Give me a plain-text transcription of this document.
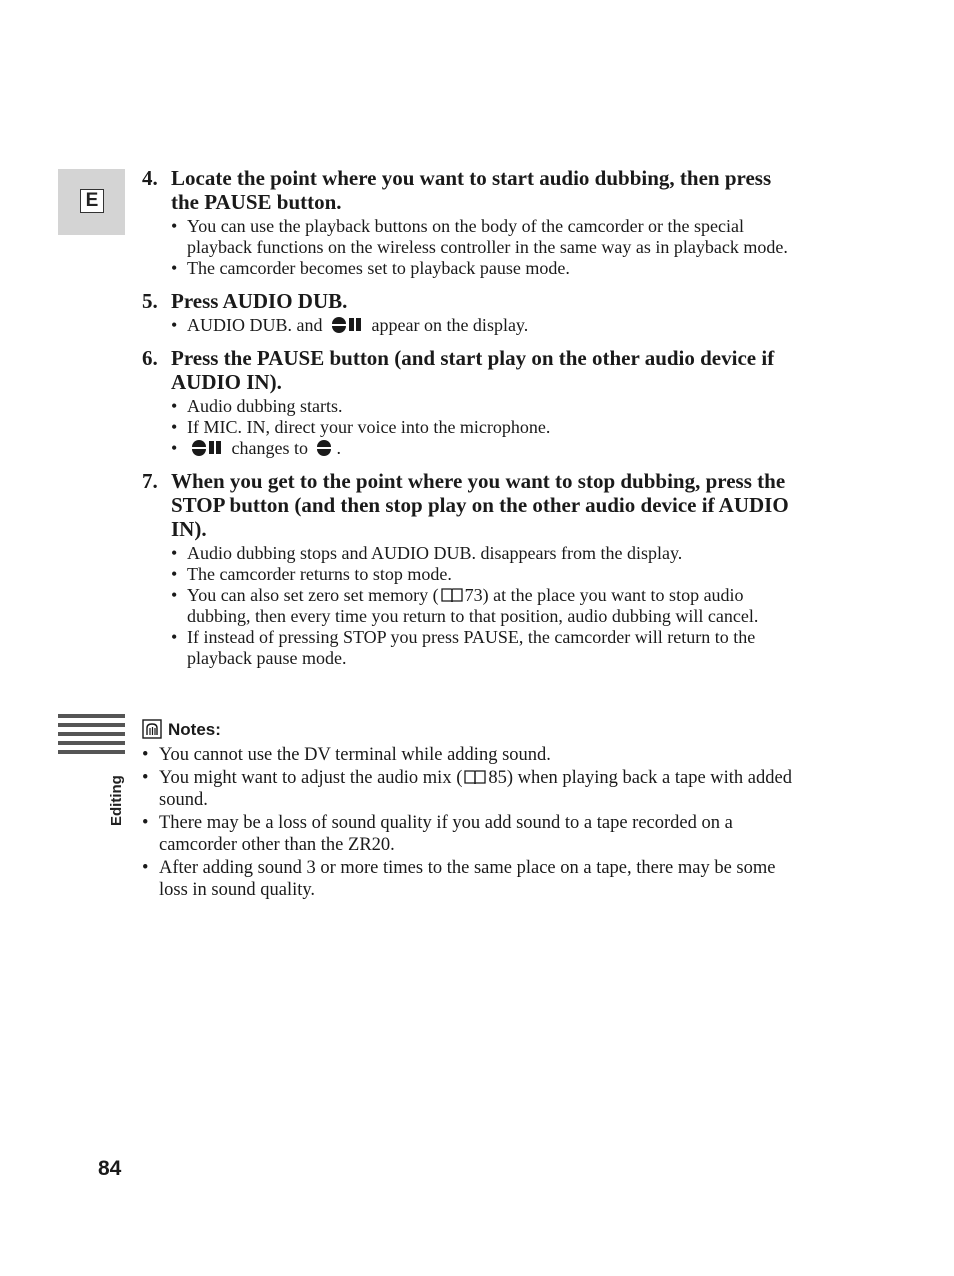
E
4. Locate the point where you want to start audio dubbing, then press the PAUSE button.
• You can use the playback buttons on the body of the camcorder or the special playback functions on the wireless controller in the same way as in playback mode.
• The camcorder becomes set to playback pause mode.
5. Press AUDIO DUB.
• AUDIO DUB. and	appear on the display.
6. Press the PAUSE button (and start play on the other audio device if AUDIO IN).
• Audio dubbing starts.
• If MIC. IN, direct your voice into the microphone.
• changes to .
7. When you get to the point where you want to stop dubbing, press the STOP button (and then stop play on the other audio device if AUDIO IN).
• Audio dubbing stops and AUDIO DUB. disappears from the display.
• The camcorder returns to stop mode.
• You can also set zero set memory ( 73) at the place you want to stop audio dubbing, then every time you return to that position, audio dubbing will cancel.
• If instead of pressing STOP you press PAUSE, the camcorder will return to the playback pause mode.
Editing
Notes:
• You cannot use the DV terminal while adding sound.
• You might want to adjust the audio mix ( 85) when playing back a tape with added sound.
• There may be a loss of sound quality if you add sound to a tape recorded on a camcorder other than the ZR20.
• After adding sound 3 or more times to the same place on a tape, there may be some loss in sound quality.
84
